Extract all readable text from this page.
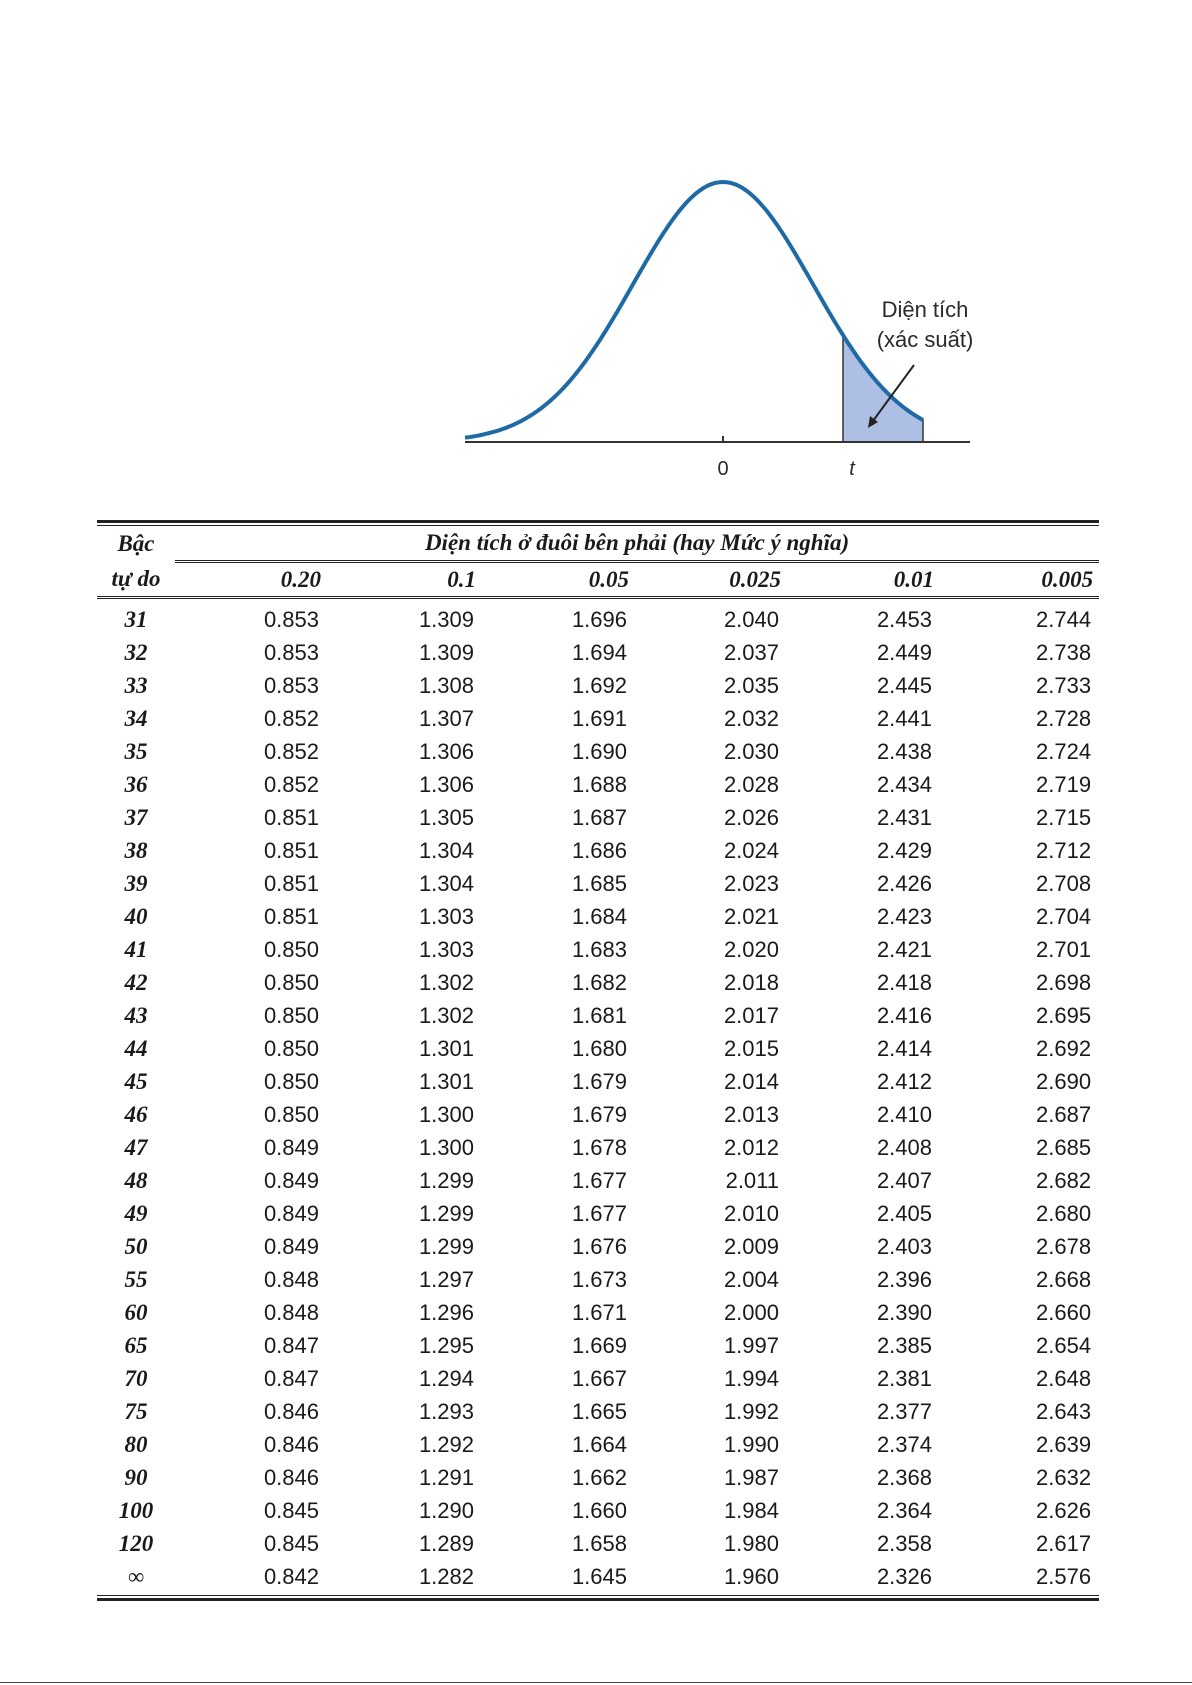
Diện tích
(xác suất)
0	t
Bậc	Diện tích ở đuôi bên phải (hay Mức ý nghĩa)					
tự do	0.20	0.1	0.05	0.025	0.01	0.005
31	0.853	1.309	1.696	2.040	2.453	2.744
32	0.853	1.309	1.694	2.037	2.449	2.738
33	0.853	1.308	1.692	2.035	2.445	2.733
34	0.852	1.307	1.691	2.032	2.441	2.728
35	0.852	1.306	1.690	2.030	2.438	2.724
36	0.852	1.306	1.688	2.028	2.434	2.719
37	0.851	1.305	1.687	2.026	2.431	2.715
38	0.851	1.304	1.686	2.024	2.429	2.712
39	0.851	1.304	1.685	2.023	2.426	2.708
40	0.851	1.303	1.684	2.021	2.423	2.704
41	0.850	1.303	1.683	2.020	2.421	2.701
42	0.850	1.302	1.682	2.018	2.418	2.698
43	0.850	1.302	1.681	2.017	2.416	2.695
44	0.850	1.301	1.680	2.015	2.414	2.692
45	0.850	1.301	1.679	2.014	2.412	2.690
46	0.850	1.300	1.679	2.013	2.410	2.687
47	0.849	1.300	1.678	2.012	2.408	2.685
48	0.849	1.299	1.677	2.011	2.407	2.682
49	0.849	1.299	1.677	2.010	2.405	2.680
50	0.849	1.299	1.676	2.009	2.403	2.678
55	0.848	1.297	1.673	2.004	2.396	2.668
60	0.848	1.296	1.671	2.000	2.390	2.660
65	0.847	1.295	1.669	1.997	2.385	2.654
70	0.847	1.294	1.667	1.994	2.381	2.648
75	0.846	1.293	1.665	1.992	2.377	2.643
80	0.846	1.292	1.664	1.990	2.374	2.639
90	0.846	1.291	1.662	1.987	2.368	2.632
100	0.845	1.290	1.660	1.984	2.364	2.626
120	0.845	1.289	1.658	1.980	2.358	2.617
∞	0.842	1.282	1.645	1.960	2.326	2.576
